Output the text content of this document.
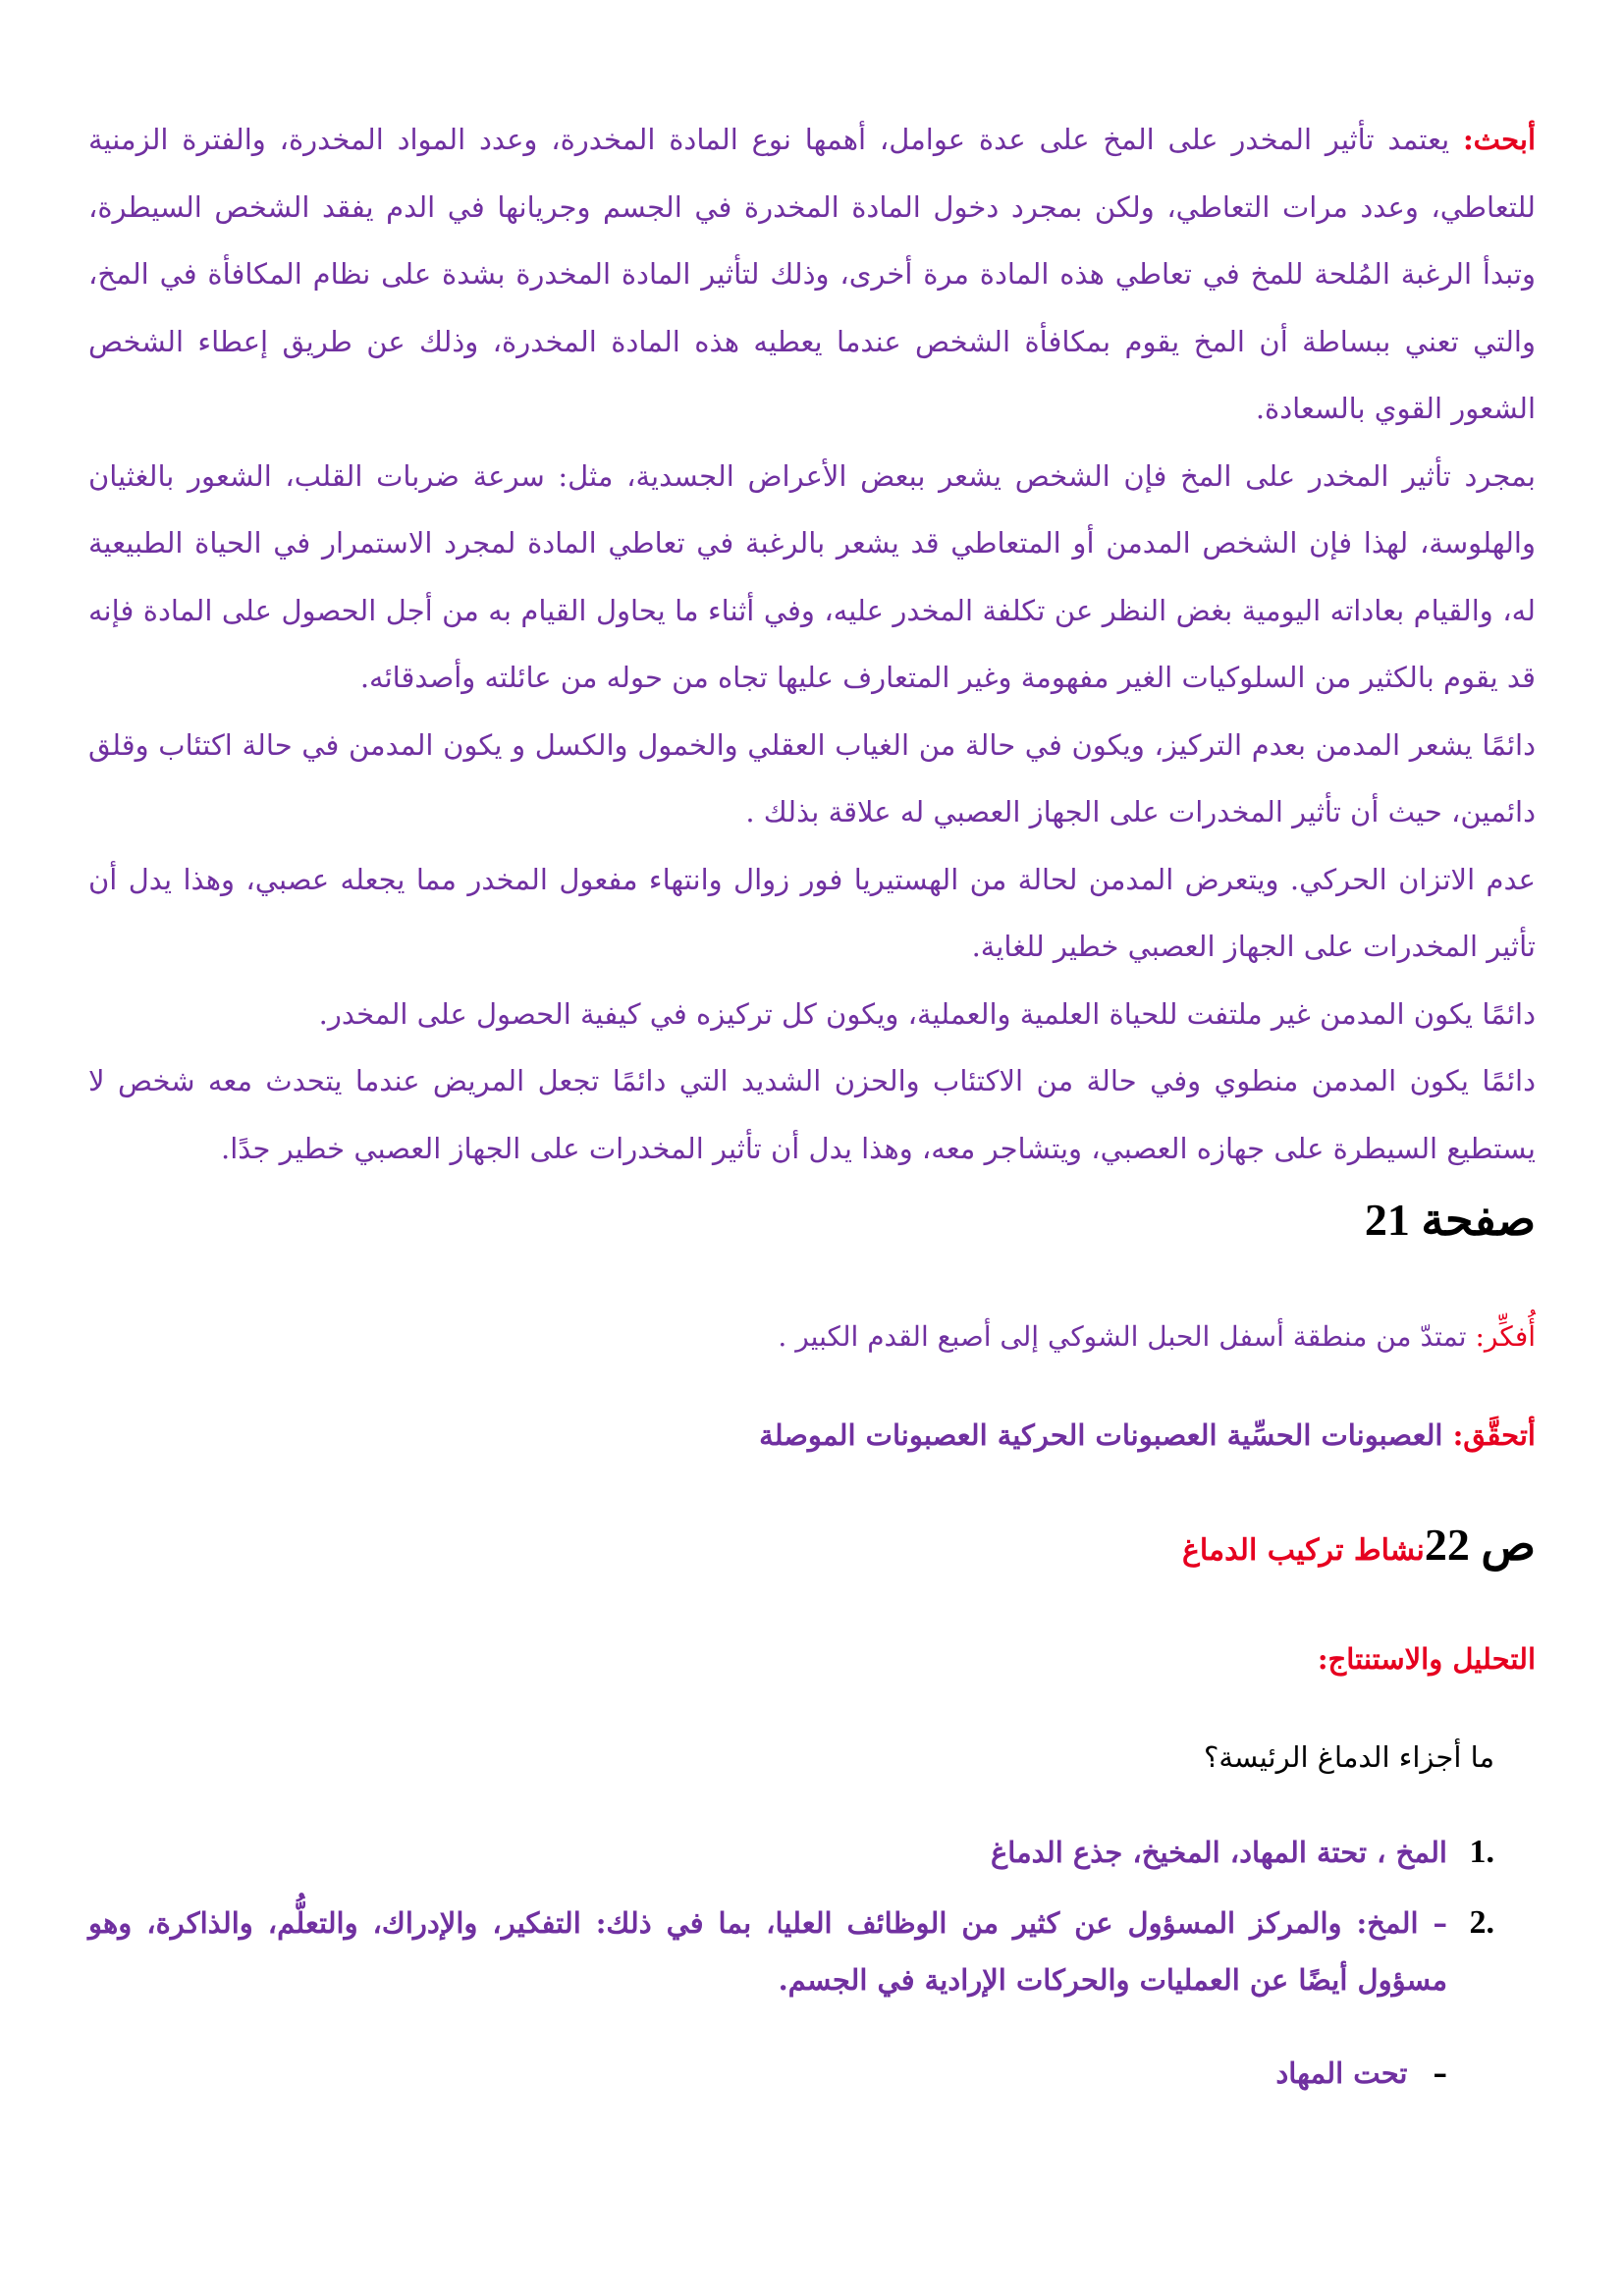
أبحث: يعتمد تأثير المخدر على المخ على عدة عوامل، أهمها نوع المادة المخدرة، وعدد المواد المخدرة، والفترة الزمنية للتعاطي، وعدد مرات التعاطي، ولكن بمجرد دخول المادة المخدرة في الجسم وجريانها في الدم يفقد الشخص السيطرة، وتبدأ الرغبة المُلحة للمخ في تعاطي هذه المادة مرة أخرى، وذلك لتأثير المادة المخدرة بشدة على نظام المكافأة في المخ، والتي تعني ببساطة أن المخ يقوم بمكافأة الشخص عندما يعطيه هذه المادة المخدرة، وذلك عن طريق إعطاء الشخص الشعور القوي بالسعادة.

بمجرد تأثير المخدر على المخ فإن الشخص يشعر ببعض الأعراض الجسدية، مثل: سرعة ضربات القلب، الشعور بالغثيان والهلوسة، لهذا فإن الشخص المدمن أو المتعاطي قد يشعر بالرغبة في تعاطي المادة لمجرد الاستمرار في الحياة الطبيعية له، والقيام بعاداته اليومية بغض النظر عن تكلفة المخدر عليه، وفي أثناء ما يحاول القيام به من أجل الحصول على المادة فإنه قد يقوم بالكثير من السلوكيات الغير مفهومة وغير المتعارف عليها تجاه من حوله من عائلته وأصدقائه.

دائمًا يشعر المدمن بعدم التركيز، ويكون في حالة من الغياب العقلي والخمول والكسل و يكون المدمن في حالة اكتئاب وقلق دائمين، حيث أن تأثير المخدرات على الجهاز العصبي له علاقة بذلك .

عدم الاتزان الحركي. ويتعرض المدمن لحالة من الهستيريا فور زوال وانتهاء مفعول المخدر مما يجعله عصبي، وهذا يدل أن تأثير المخدرات على الجهاز العصبي خطير للغاية.

دائمًا يكون المدمن غير ملتفت للحياة العلمية والعملية، ويكون كل تركيزه في كيفية الحصول على المخدر.

دائمًا يكون المدمن منطوي وفي حالة من الاكتئاب والحزن الشديد التي دائمًا تجعل المريض عندما يتحدث معه شخص لا يستطيع السيطرة على جهازه العصبي، ويتشاجر معه، وهذا يدل أن تأثير المخدرات على الجهاز العصبي خطير جدًا.

صفحة 21
أُفكِّر: تمتدّ من منطقة أسفل الحبل الشوكي إلى أصبع القدم الكبير .
أتحقَّق: العصبونات الحسِّية العصبونات الحركية العصبونات الموصلة
ص 22نشاط تركيب الدماغ
التحليل والاستنتاج:
ما أجزاء الدماغ الرئيسة؟
.1
المخ ، تحتة المهاد، المخيخ، جذع الدماغ
.2
– المخ: والمركز المسؤول عن كثير من الوظائف العليا، بما في ذلك: التفكير، والإدراك، والتعلُّم، والذاكرة، وهو مسؤول أيضًا عن العمليات والحركات الإرادية في الجسم.
–تحت المهاد
